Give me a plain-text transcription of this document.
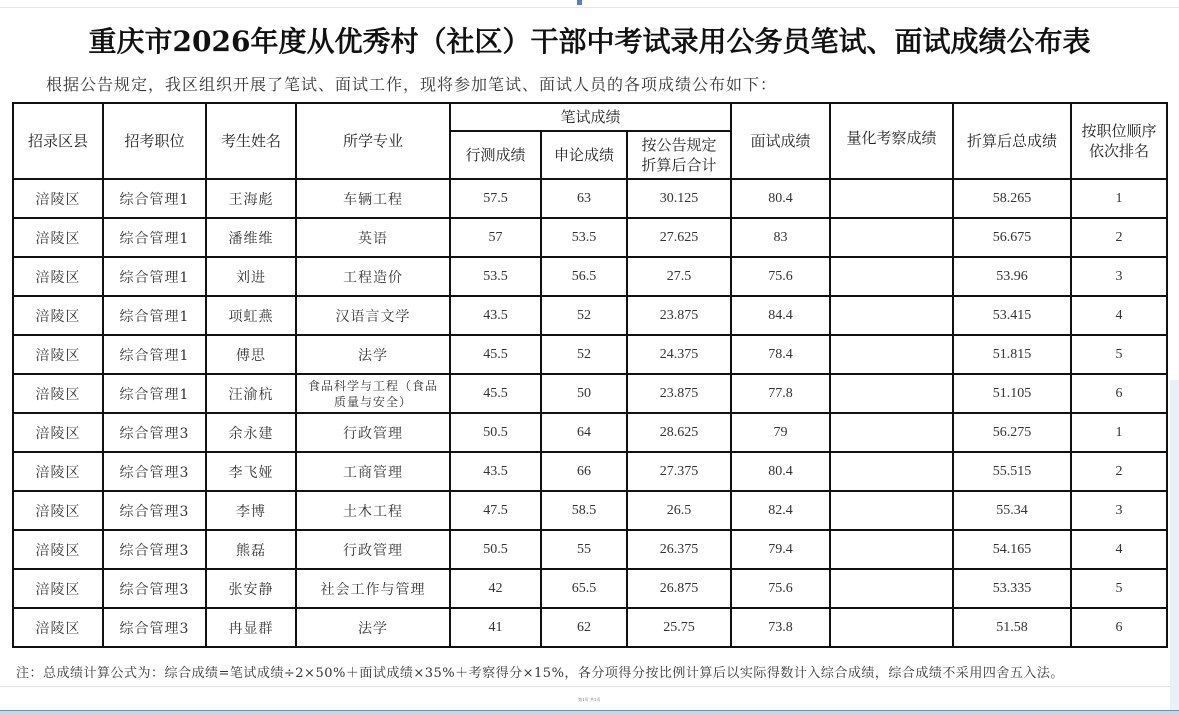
重庆市2026年度从优秀村（社区）干部中考试录用公务员笔试、面试成绩公布表
根据公告规定，我区组织开展了笔试、面试工作，现将参加笔试、面试人员的各项成绩公布如下：
招录区县	招考职位	考生姓名	所学专业	笔试成绩			面试成绩	量化考察成绩	折算后总成绩	按职位顺序
依次排名

				行测成绩	申论成绩	按公告规定
折算后合计				

涪陵区	综合管理1	王海彪	车辆工程	57.5	63	30.125	80.4		58.265	1
涪陵区	综合管理1	潘维维	英语	57	53.5	27.625	83		56.675	2
涪陵区	综合管理1	刘进	工程造价	53.5	56.5	27.5	75.6		53.96	3
涪陵区	综合管理1	项虹燕	汉语言文学	43.5	52	23.875	84.4		53.415	4
涪陵区	综合管理1	傅思	法学	45.5	52	24.375	78.4		51.815	5
涪陵区	综合管理1	汪渝杭	食品科学与工程（食品质量与安全）	45.5	50	23.875	77.8		51.105	6
涪陵区	综合管理3	余永建	行政管理	50.5	64	28.625	79		56.275	1
涪陵区	综合管理3	李飞娅	工商管理	43.5	66	27.375	80.4		55.515	2
涪陵区	综合管理3	李博	土木工程	47.5	58.5	26.5	82.4		55.34	3
涪陵区	综合管理3	熊磊	行政管理	50.5	55	26.375	79.4		54.165	4
涪陵区	综合管理3	张安静	社会工作与管理	42	65.5	26.875	75.6		53.335	5
涪陵区	综合管理3	冉显群	法学	41	62	25.75	73.8		51.58	6
注：总成绩计算公式为：综合成绩=笔试成绩÷2×50%＋面试成绩×35%＋考察得分×15%，各分项得分按比例计算后以实际得数计入综合成绩，综合成绩不采用四舍五入法。
第1页 共1页
